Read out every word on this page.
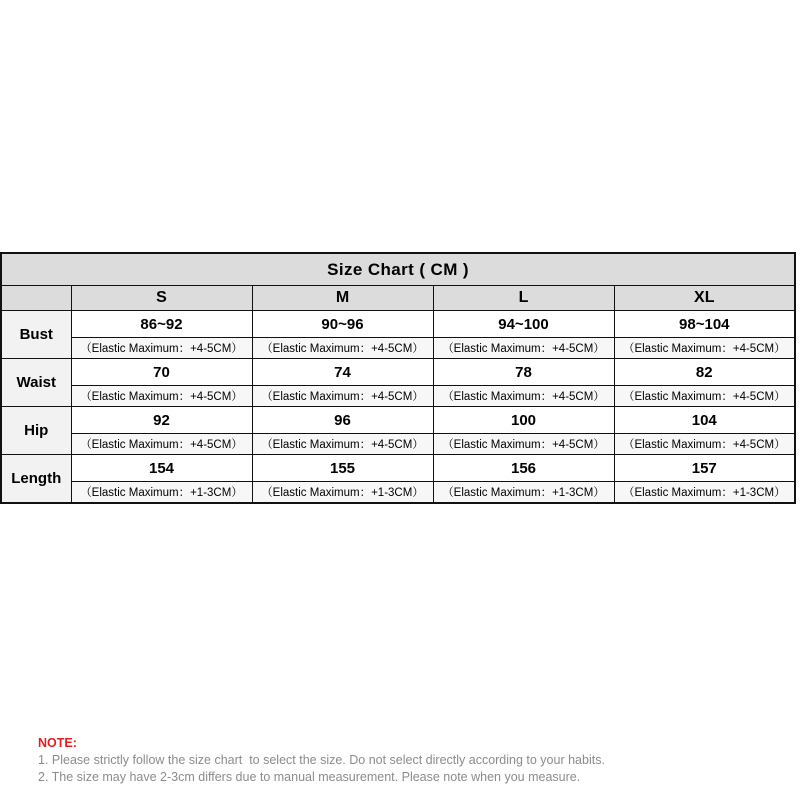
Size Chart ( CM )				
	S	M	L	XL
Bust	86~92	90~96	94~100	98~104
	（Elastic Maximum：+4-5CM）	（Elastic Maximum：+4-5CM）	（Elastic Maximum：+4-5CM）	（Elastic Maximum：+4-5CM）
Waist	70	74	78	82
	（Elastic Maximum：+4-5CM）	（Elastic Maximum：+4-5CM）	（Elastic Maximum：+4-5CM）	（Elastic Maximum：+4-5CM）
Hip	92	96	100	104
	（Elastic Maximum：+4-5CM）	（Elastic Maximum：+4-5CM）	（Elastic Maximum：+4-5CM）	（Elastic Maximum：+4-5CM）
Length	154	155	156	157
	（Elastic Maximum：+1-3CM）	（Elastic Maximum：+1-3CM）	（Elastic Maximum：+1-3CM）	（Elastic Maximum：+1-3CM）
NOTE:
1. Please strictly follow the size chart  to select the size. Do not select directly according to your habits.
2. The size may have 2-3cm differs due to manual measurement. Please note when you measure.
